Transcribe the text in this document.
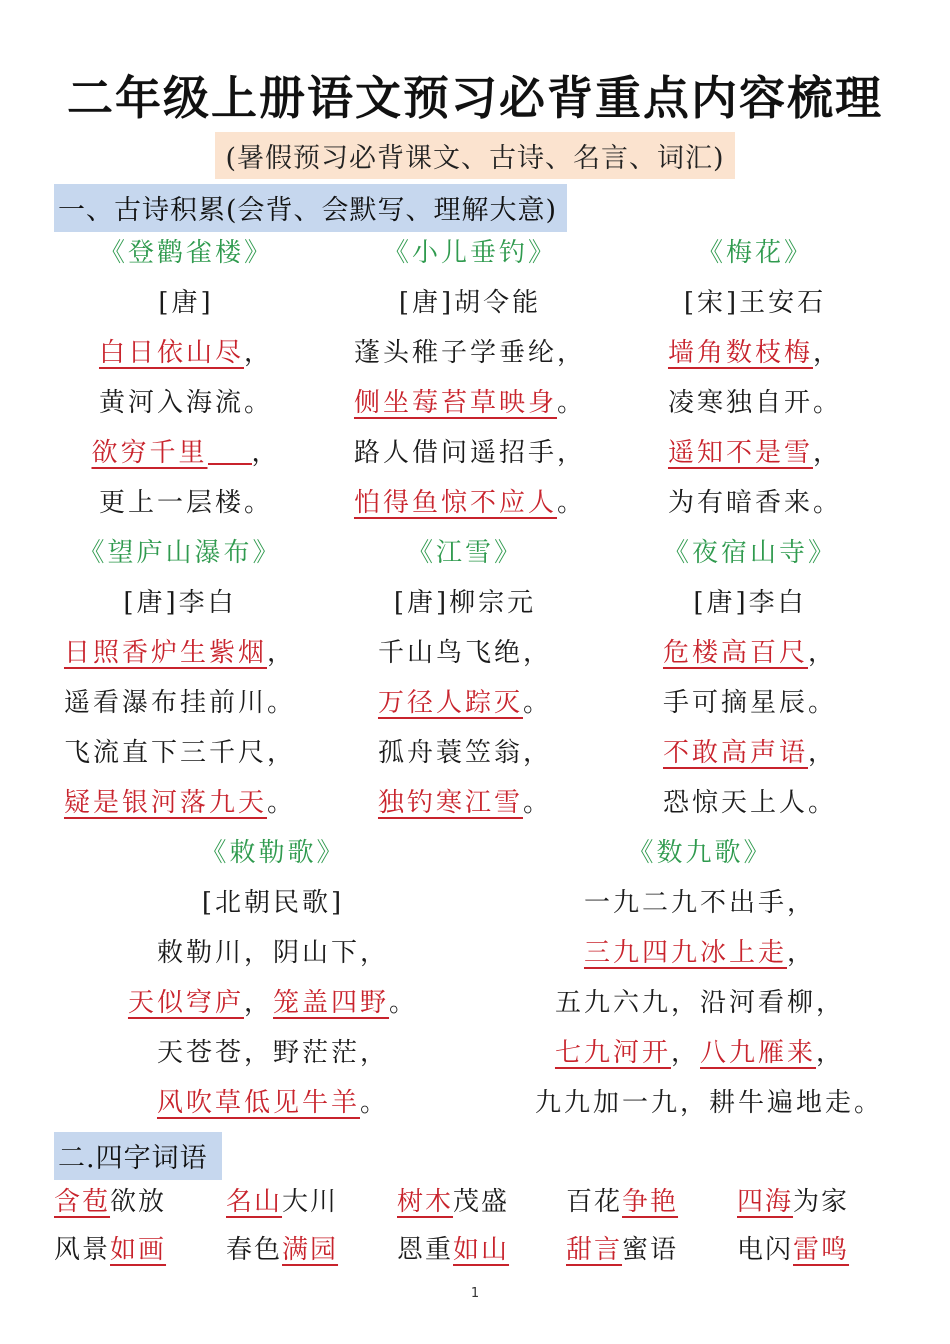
二年级上册语文预习必背重点内容梳理
(暑假预习必背课文、古诗、名言、词汇)
一、古诗积累(会背、会默写、理解大意)
《登鹳雀楼》
[唐]
白日依山尽，
黄河入海流。
欲穷千里 ，
更上一层楼。
《小儿垂钓》
[唐]胡令能
蓬头稚子学垂纶，
侧坐莓苔草映身。
路人借问遥招手，
怕得鱼惊不应人。
《梅花》
[宋]王安石
墙角数枝梅，
凌寒独自开。
遥知不是雪，
为有暗香来。
《望庐山瀑布》
[唐]李白
日照香炉生紫烟，
遥看瀑布挂前川。
飞流直下三千尺，
疑是银河落九天。
《江雪》
[唐]柳宗元
千山鸟飞绝，
万径人踪灭。
孤舟蓑笠翁，
独钓寒江雪。
《夜宿山寺》
[唐]李白
危楼高百尺，
手可摘星辰。
不敢高声语，
恐惊天上人。
《敕勒歌》
[北朝民歌]
敕勒川，阴山下，
天似穹庐，笼盖四野。
天苍苍，野茫茫，
风吹草低见牛羊。
《数九歌》
一九二九不出手，
三九四九冰上走，
五九六九，沿河看柳，
七九河开，八九雁来，
九九加一九，耕牛遍地走。
二.四字词语
含苞欲放 名山大川 树木茂盛 百花争艳 四海为家
风景如画 春色满园 恩重如山 甜言蜜语 电闪雷鸣
1
